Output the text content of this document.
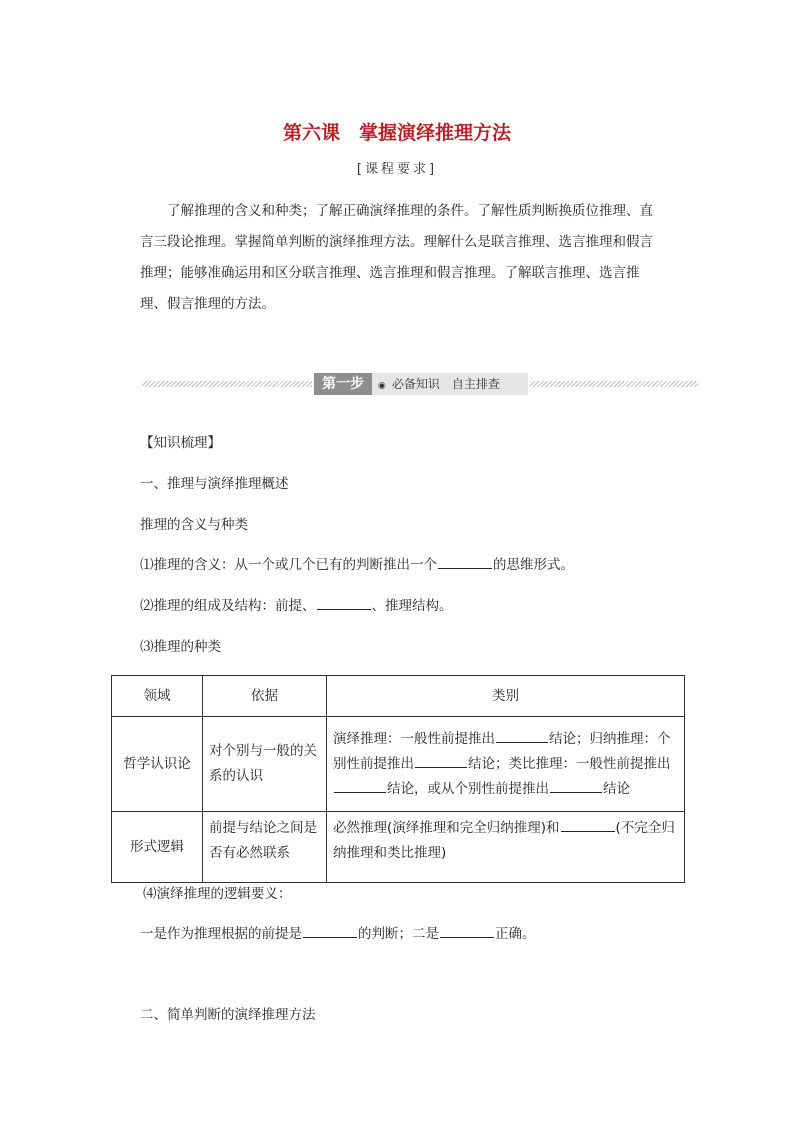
第六课　掌握演绎推理方法
[课程要求]
了解推理的含义和种类；了解正确演绎推理的条件。了解性质判断换质位推理、直言三段论推理。掌握简单判断的演绎推理方法。理解什么是联言推理、选言推理和假言推理；能够准确运用和区分联言推理、选言推理和假言推理。了解联言推理、选言推理、假言推理的方法。
第一步	◉ 必备知识　自主排查
【知识梳理】
一、推理与演绎推理概述
推理的含义与种类
⑴推理的含义：从一个或几个已有的判断推出一个	的思维形式。
⑵推理的组成及结构：前提、	、推理结构。
⑶推理的种类
领域	依据	类别
哲学认识论	对个别与一般的关系的认识	演绎推理：一般性前提推出 结论；归纳推理：个别性前提推出 结论；类比推理：一般性前提推出结论，或从个别性前提推出 结论
形式逻辑	前提与结论之间是否有必然联系	必然推理(演绎推理和完全归纳推理)和 (不完全归纳推理和类比推理)
⑷演绎推理的逻辑要义：
一是作为推理根据的前提是	的判断；二是	正确。
二、简单判断的演绎推理方法
